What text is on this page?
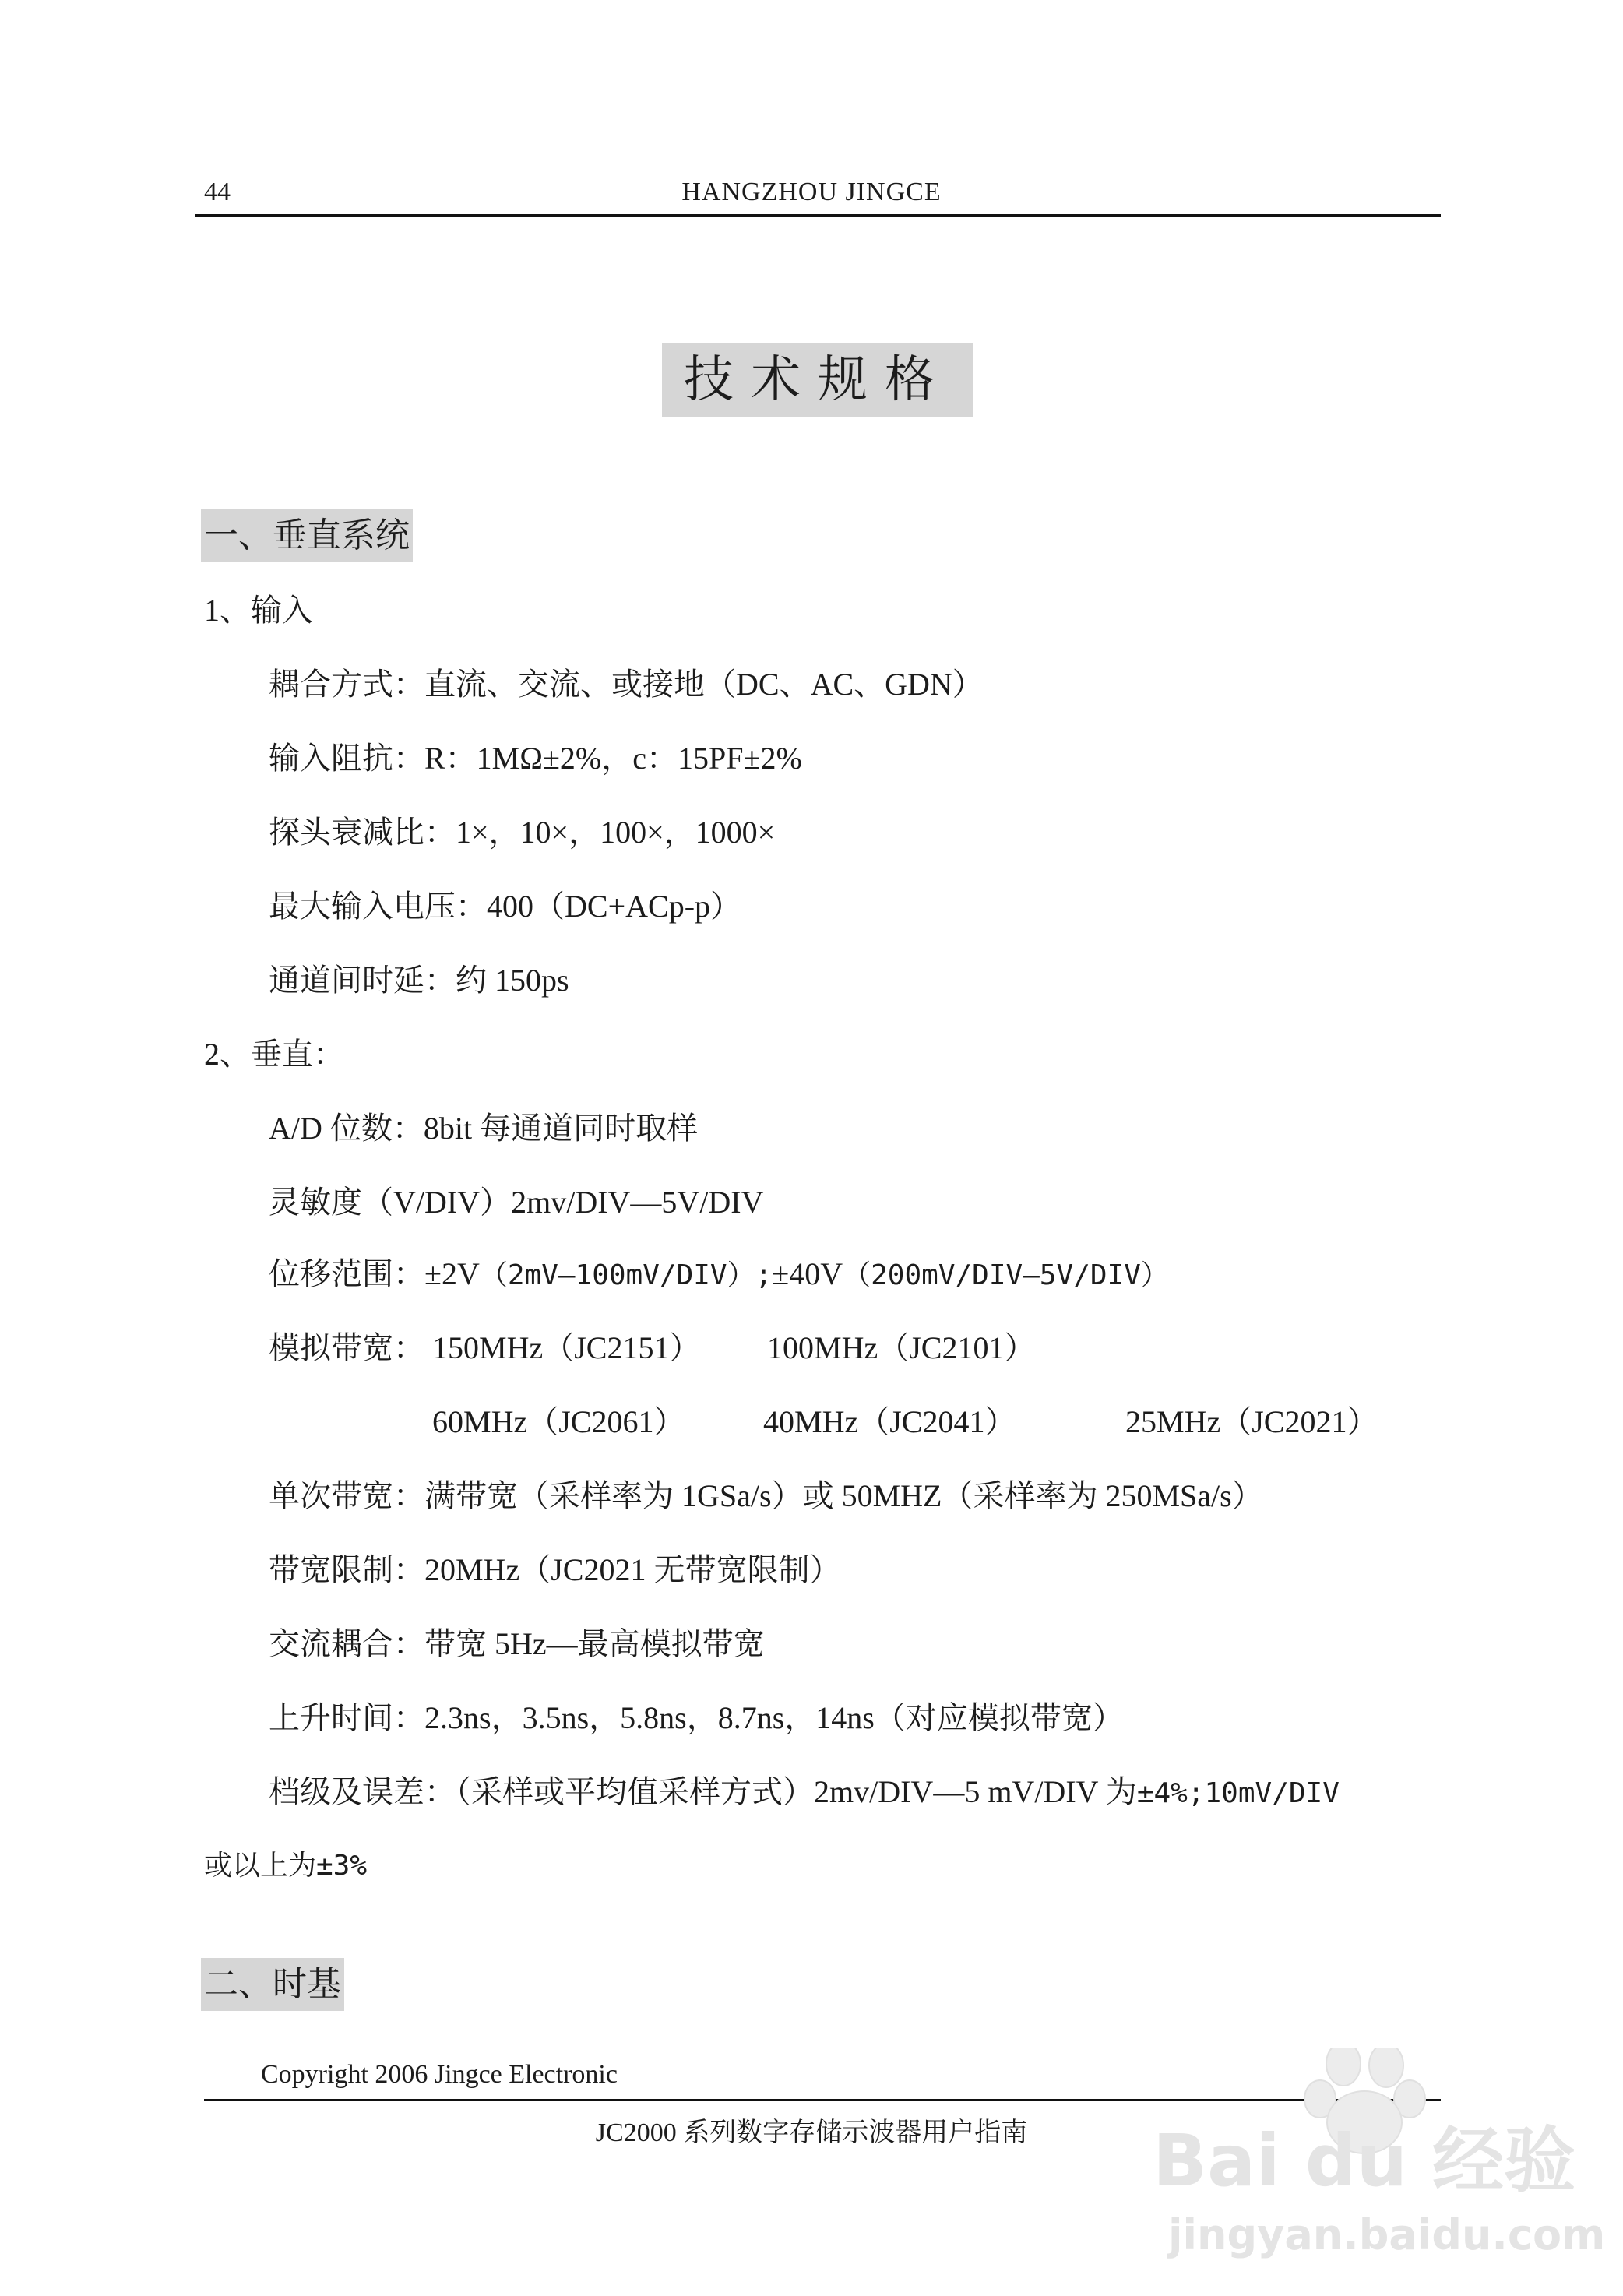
44	HANGZHOU JINGCE
技术规格
一、垂直系统
1、输入
耦合方式：直流、交流、或接地（DC、AC、GDN）
输入阻抗：R：1MΩ±2%，c：15PF±2%
探头衰减比：1×，10×，100×，1000×
最大输入电压：400（DC+ACp-p）
通道间时延：约 150ps
2、垂直：
A/D 位数：8bit 每通道同时取样
灵敏度（V/DIV）2mv/DIV—5V/DIV
位移范围：±2V（2mV—100mV/DIV）;±40V（200mV/DIV—5V/DIV）
模拟带宽： 150MHz（JC2151） 100MHz（JC2101）
60MHz（JC2061）	40MHz（JC2041）	25MHz（JC2021）
单次带宽：满带宽（采样率为 1GSa/s）或 50MHZ（采样率为 250MSa/s）
带宽限制：20MHz（JC2021 无带宽限制）
交流耦合：带宽 5Hz—最高模拟带宽
上升时间：2.3ns，3.5ns，5.8ns，8.7ns，14ns（对应模拟带宽）
档级及误差：（采样或平均值采样方式）2mv/DIV—5 mV/DIV 为±4%;10mV/DIV
或以上为±3%
二、时基
Copyright 2006 Jingce Electronic
JC2000 系列数字存储示波器用户指南	Bai du 经验
jingyan.baidu.com
